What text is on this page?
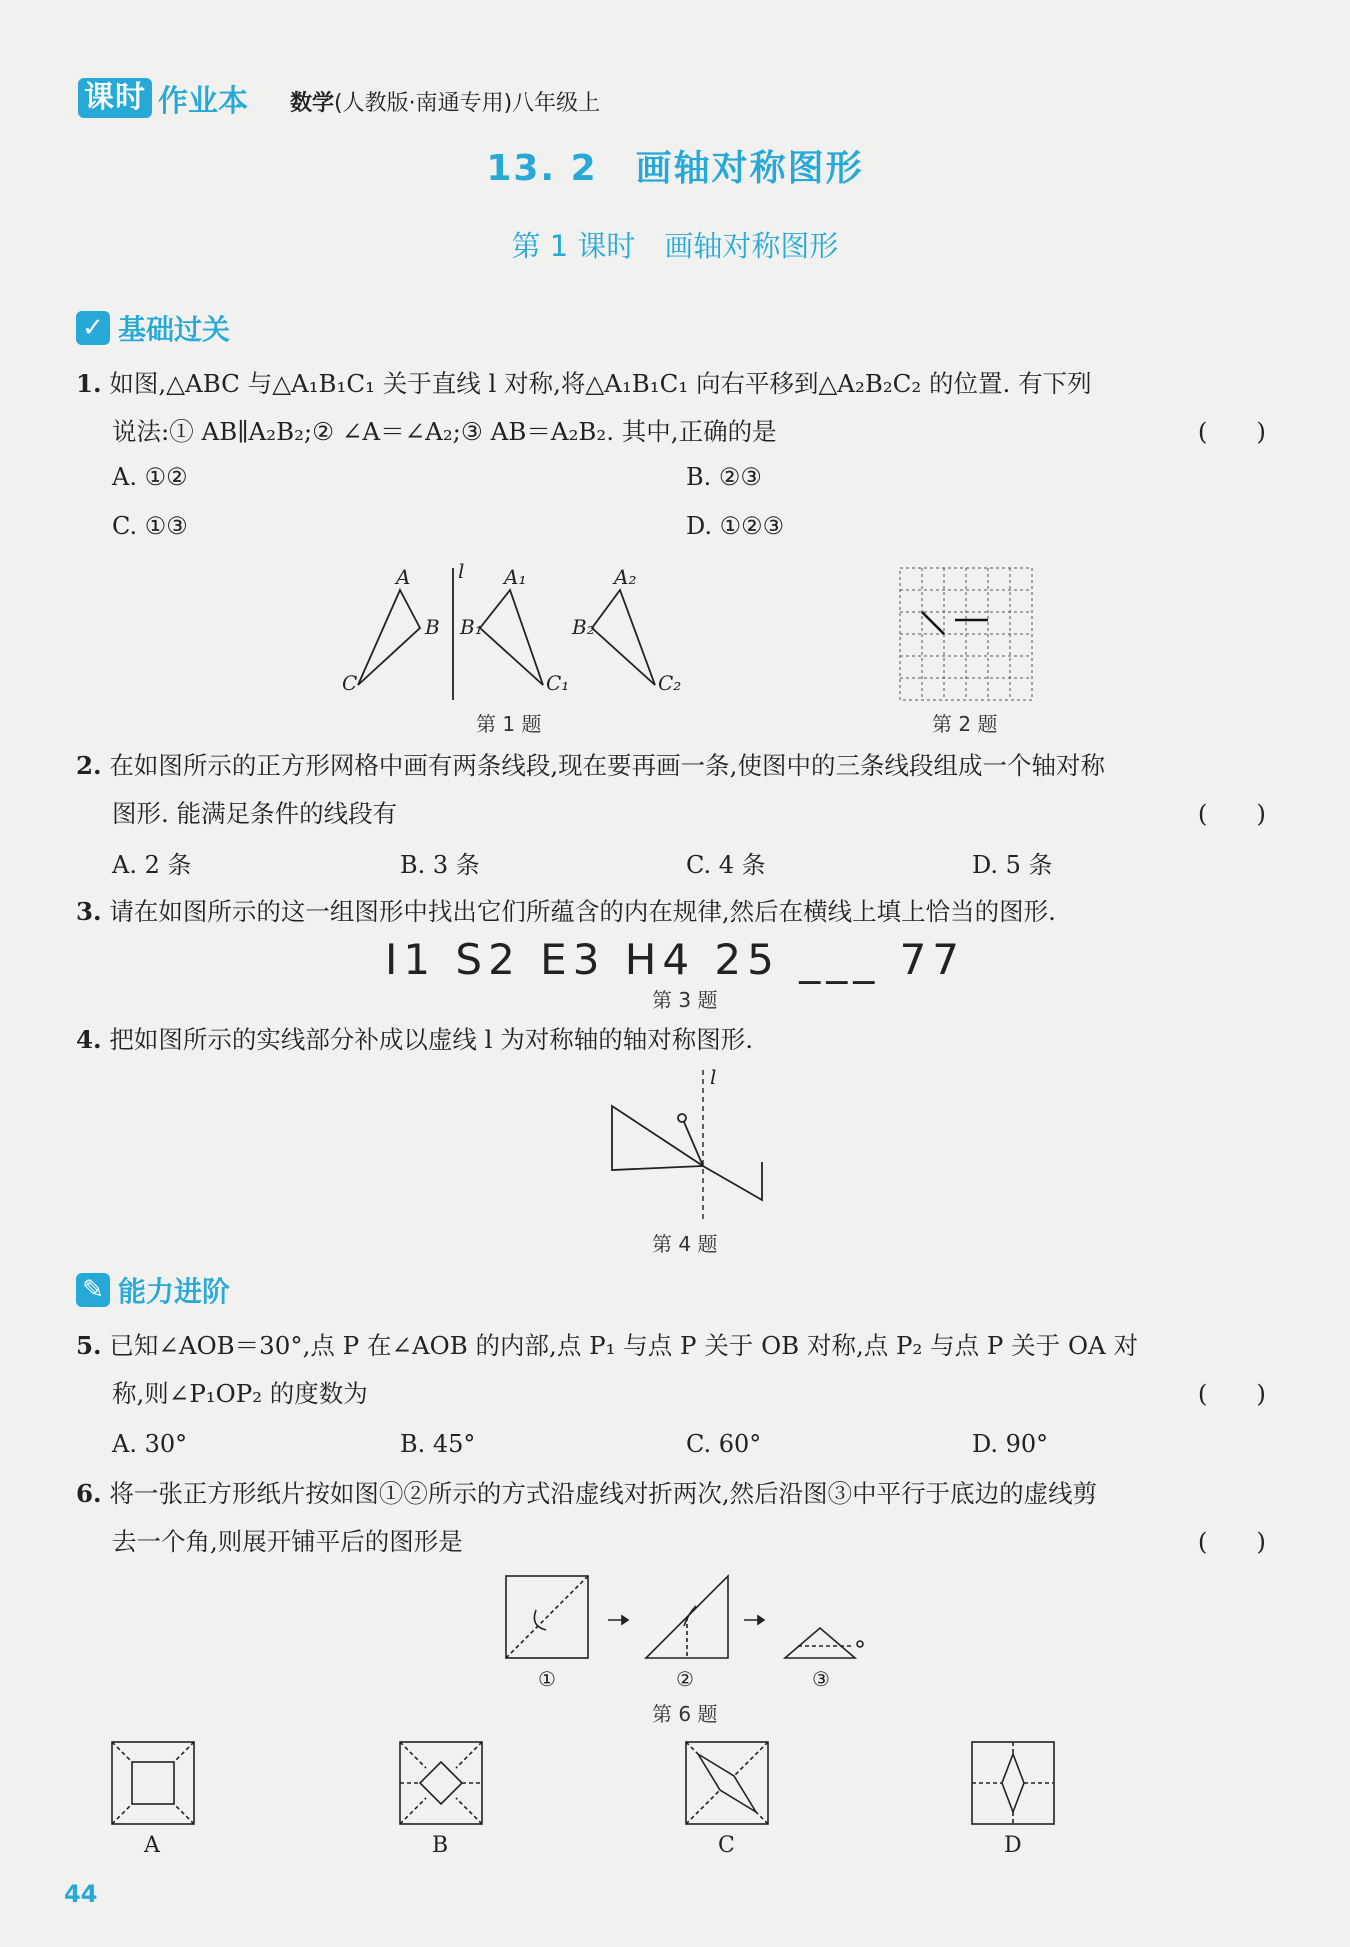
课时 作业本 数学(人教版·南通专用)八年级上
13. 2　画轴对称图形
第 1 课时　画轴对称图形
✓ 基础过关
1. 如图,△ABC 与△A₁B₁C₁ 关于直线 l 对称,将△A₁B₁C₁ 向右平移到△A₂B₂C₂ 的位置. 有下列
说法:① AB∥A₂B₂;② ∠A＝∠A₂;③ AB＝A₂B₂. 其中,正确的是	(　　)
A. ①②	B. ②③
C. ①③	D. ①②③
A
B
C
l A₁
B₁
C₁
A₂
B₂
C₂
第 1 题	第 2 题
2. 在如图所示的正方形网格中画有两条线段,现在要再画一条,使图中的三条线段组成一个轴对称
图形. 能满足条件的线段有	(　　)
A. 2 条	B. 3 条	C. 4 条	D. 5 条
3. 请在如图所示的这一组图形中找出它们所蕴含的内在规律,然后在横线上填上恰当的图形.
I1 S2 E3 H4 25 ___ 77
第 3 题
4. 把如图所示的实线部分补成以虚线 l 为对称轴的轴对称图形.
l
第 4 题
✎ 能力进阶
5. 已知∠AOB＝30°,点 P 在∠AOB 的内部,点 P₁ 与点 P 关于 OB 对称,点 P₂ 与点 P 关于 OA 对
称,则∠P₁OP₂ 的度数为	(　　)
A. 30°	B. 45°	C. 60°	D. 90°
6. 将一张正方形纸片按如图①②所示的方式沿虚线对折两次,然后沿图③中平行于底边的虚线剪
去一个角,则展开铺平后的图形是	(　　)
①	②	③
第 6 题
A	B	C	D
44
